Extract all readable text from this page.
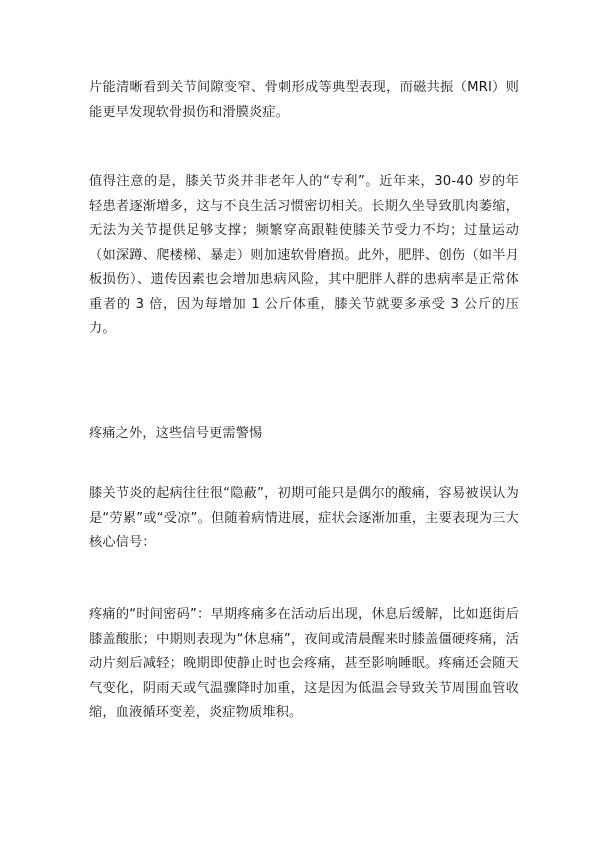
片能清晰看到关节间隙变窄、骨刺形成等典型表现，而磁共振（MRI）则能更早发现软骨损伤和滑膜炎症。

值得注意的是，膝关节炎并非老年人的“专利”。近年来，30-40 岁的年轻患者逐渐增多，这与不良生活习惯密切相关。长期久坐导致肌肉萎缩，无法为关节提供足够支撑；频繁穿高跟鞋使膝关节受力不均；过量运动（如深蹲、爬楼梯、暴走）则加速软骨磨损。此外，肥胖、创伤（如半月板损伤）、遗传因素也会增加患病风险，其中肥胖人群的患病率是正常体重者的 3 倍，因为每增加 1 公斤体重，膝关节就要多承受 3 公斤的压力。

疼痛之外，这些信号更需警惕

膝关节炎的起病往往很“隐蔽”，初期可能只是偶尔的酸痛，容易被误认为是“劳累”或“受凉”。但随着病情进展，症状会逐渐加重，主要表现为三大核心信号：

疼痛的“时间密码”：早期疼痛多在活动后出现，休息后缓解，比如逛街后膝盖酸胀；中期则表现为“休息痛”，夜间或清晨醒来时膝盖僵硬疼痛，活动片刻后减轻；晚期即使静止时也会疼痛，甚至影响睡眠。疼痛还会随天气变化，阴雨天或气温骤降时加重，这是因为低温会导致关节周围血管收缩，血液循环变差，炎症物质堆积。
